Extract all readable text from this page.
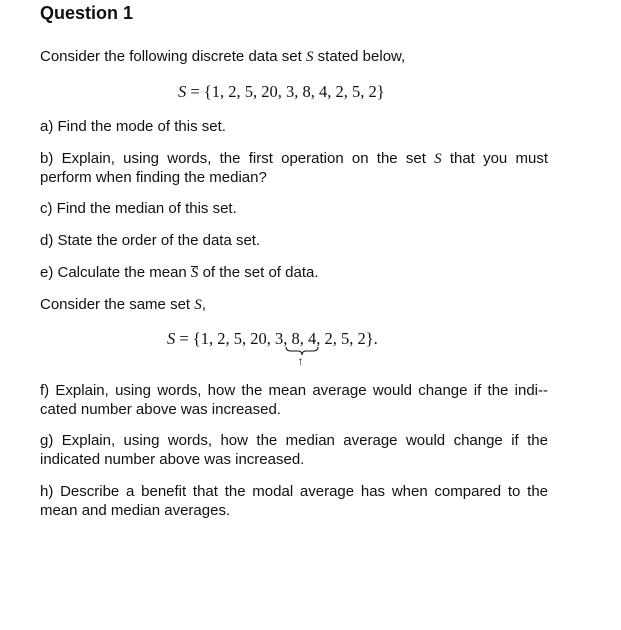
Question 1

Consider the following discrete data set S stated below,

S = {1, 2, 5, 20, 3, 8, 4, 2, 5, 2}

a) Find the mode of this set.

b) Explain, using words, the first operation on the set S that you must perform when finding the median?

c) Find the median of this set.

d) State the order of the data set.

e) Calculate the mean S of the set of data.

Consider the same set S,

S = {1, 2, 5, 20, 3, 8
↑
, 4, 2, 5, 2}.

f) Explain, using words, how the mean average would change if the indi-cated number above was increased.

g) Explain, using words, how the median average would change if the indicated number above was increased.

h) Describe a benefit that the modal average has when compared to the mean and median averages.
